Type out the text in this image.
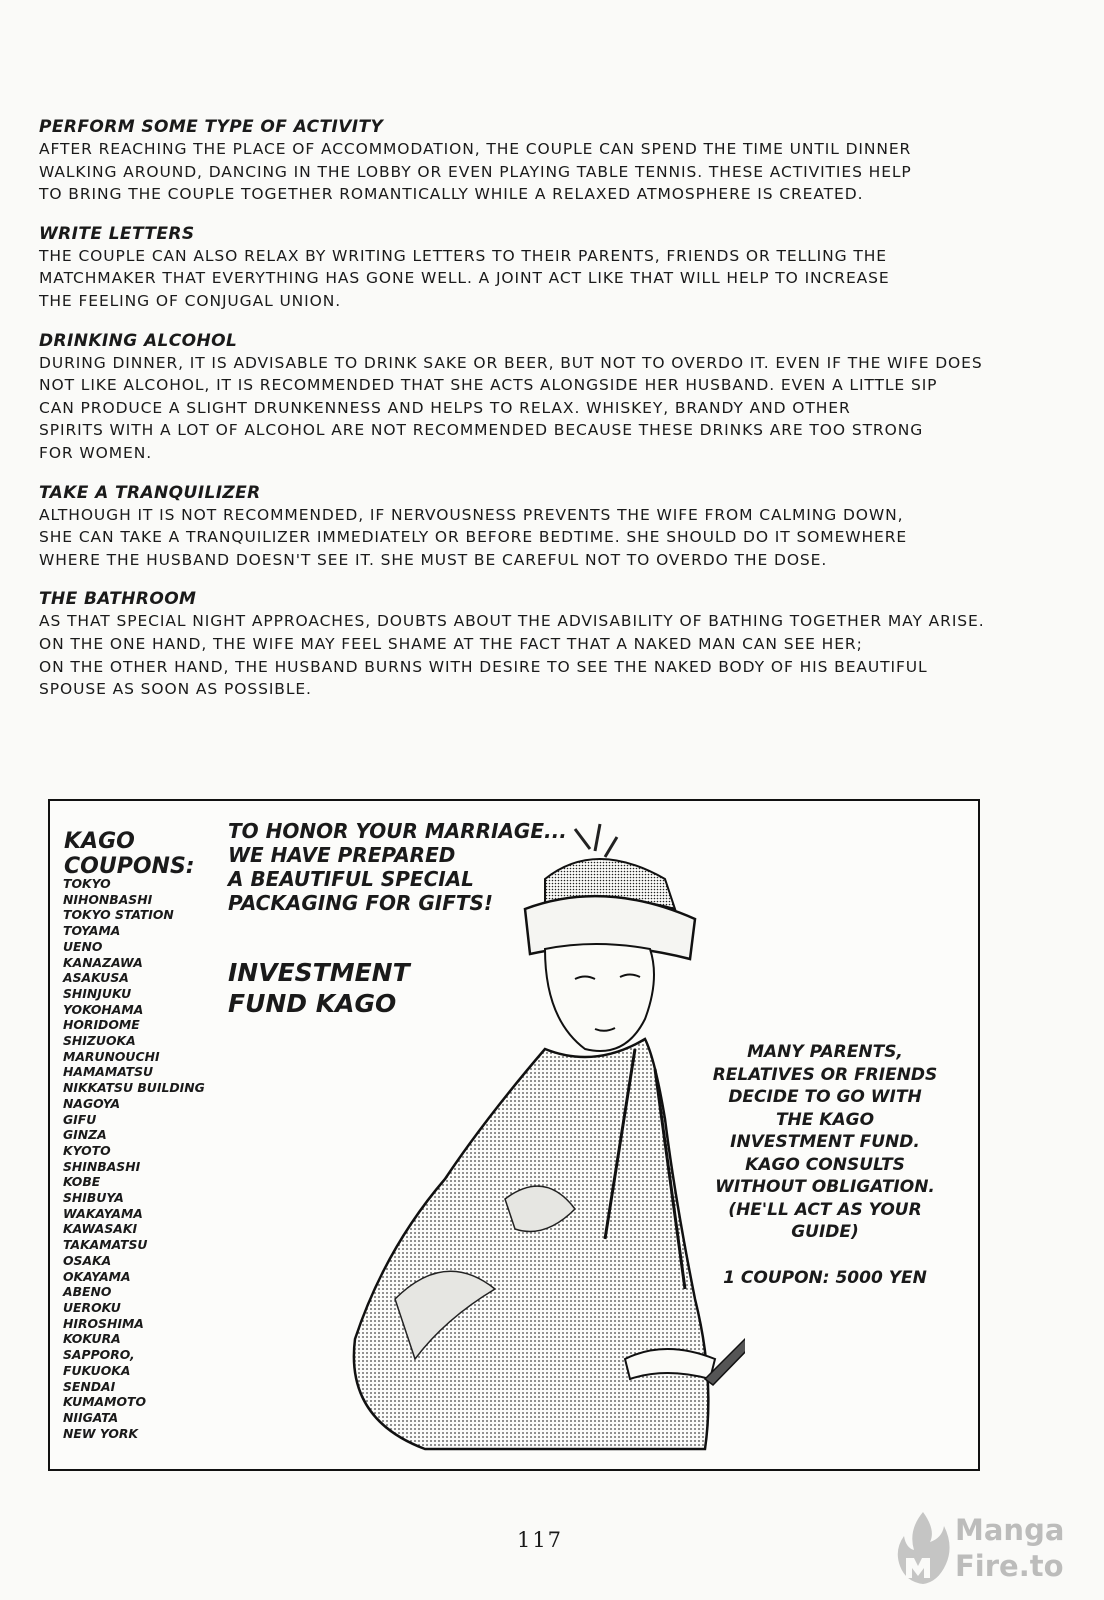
PERFORM SOME TYPE OF ACTIVITY

AFTER REACHING THE PLACE OF ACCOMMODATION, THE COUPLE CAN SPEND THE TIME UNTIL DINNER

WALKING AROUND, DANCING IN THE LOBBY OR EVEN PLAYING TABLE TENNIS. THESE ACTIVITIES HELP

TO BRING THE COUPLE TOGETHER ROMANTICALLY WHILE A RELAXED ATMOSPHERE IS CREATED.

WRITE LETTERS

THE COUPLE CAN ALSO RELAX BY WRITING LETTERS TO THEIR PARENTS, FRIENDS OR TELLING THE

MATCHMAKER THAT EVERYTHING HAS GONE WELL. A JOINT ACT LIKE THAT WILL HELP TO INCREASE

THE FEELING OF CONJUGAL UNION.

DRINKING ALCOHOL

DURING DINNER, IT IS ADVISABLE TO DRINK SAKE OR BEER, BUT NOT TO OVERDO IT. EVEN IF THE WIFE DOES

NOT LIKE ALCOHOL, IT IS RECOMMENDED THAT SHE ACTS ALONGSIDE HER HUSBAND. EVEN A LITTLE SIP

CAN PRODUCE A SLIGHT DRUNKENNESS AND HELPS TO RELAX. WHISKEY, BRANDY AND OTHER

SPIRITS WITH A LOT OF ALCOHOL ARE NOT RECOMMENDED BECAUSE THESE DRINKS ARE TOO STRONG

FOR WOMEN.

TAKE A TRANQUILIZER

ALTHOUGH IT IS NOT RECOMMENDED, IF NERVOUSNESS PREVENTS THE WIFE FROM CALMING DOWN,

SHE CAN TAKE A TRANQUILIZER IMMEDIATELY OR BEFORE BEDTIME. SHE SHOULD DO IT SOMEWHERE

WHERE THE HUSBAND DOESN'T SEE IT. SHE MUST BE CAREFUL NOT TO OVERDO THE DOSE.

THE BATHROOM

AS THAT SPECIAL NIGHT APPROACHES, DOUBTS ABOUT THE ADVISABILITY OF BATHING TOGETHER MAY ARISE.

ON THE ONE HAND, THE WIFE MAY FEEL SHAME AT THE FACT THAT A NAKED MAN CAN SEE HER;

ON THE OTHER HAND, THE HUSBAND BURNS WITH DESIRE TO SEE THE NAKED BODY OF HIS BEAUTIFUL

SPOUSE AS SOON AS POSSIBLE.

KAGO
COUPONS:

TOKYO
NIHONBASHI
TOKYO STATION
TOYAMA
UENO
KANAZAWA
ASAKUSA
SHINJUKU
YOKOHAMA
HORIDOME
SHIZUOKA
MARUNOUCHI
HAMAMATSU
NIKKATSU BUILDING
NAGOYA
GIFU
GINZA
KYOTO
SHINBASHI
KOBE
SHIBUYA
WAKAYAMA
KAWASAKI
TAKAMATSU
OSAKA
OKAYAMA
ABENO
UEROKU
HIROSHIMA
KOKURA
SAPPORO,
FUKUOKA
SENDAI
KUMAMOTO
NIIGATA
NEW YORK
TO HONOR YOUR MARRIAGE...
WE HAVE PREPARED
A BEAUTIFUL SPECIAL
PACKAGING FOR GIFTS!
INVESTMENT
FUND KAGO
MANY PARENTS,
RELATIVES OR FRIENDS
DECIDE TO GO WITH
THE KAGO
INVESTMENT FUND.
KAGO CONSULTS
WITHOUT OBLIGATION.
(HE'LL ACT AS YOUR
GUIDE)
1 COUPON: 5000 YEN
117	Manga
Fire.to
